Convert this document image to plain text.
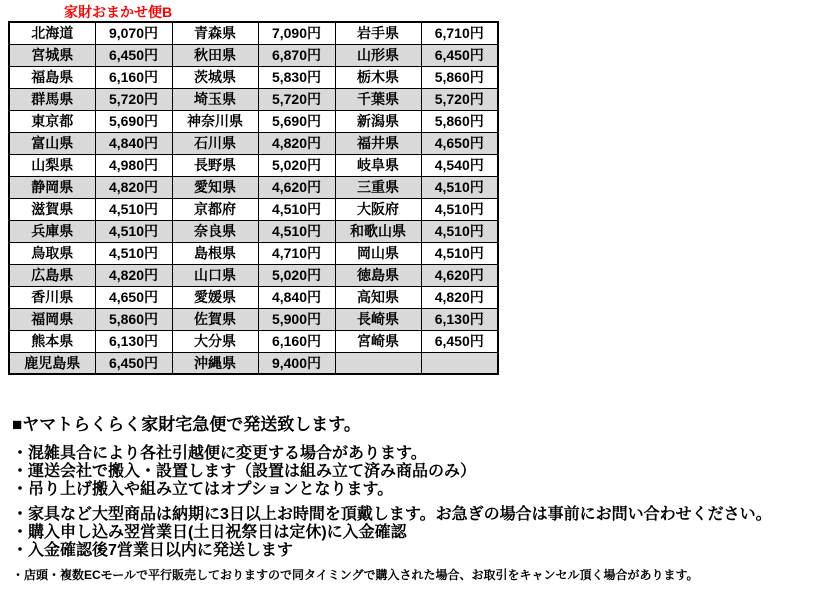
家財おまかせ便B
北海道	9,070円	青森県	7,090円	岩手県	6,710円
宮城県	6,450円	秋田県	6,870円	山形県	6,450円
福島県	6,160円	茨城県	5,830円	栃木県	5,860円
群馬県	5,720円	埼玉県	5,720円	千葉県	5,720円
東京都	5,690円	神奈川県	5,690円	新潟県	5,860円
富山県	4,840円	石川県	4,820円	福井県	4,650円
山梨県	4,980円	長野県	5,020円	岐阜県	4,540円
静岡県	4,820円	愛知県	4,620円	三重県	4,510円
滋賀県	4,510円	京都府	4,510円	大阪府	4,510円
兵庫県	4,510円	奈良県	4,510円	和歌山県	4,510円
鳥取県	4,510円	島根県	4,710円	岡山県	4,510円
広島県	4,820円	山口県	5,020円	徳島県	4,620円
香川県	4,650円	愛媛県	4,840円	高知県	4,820円
福岡県	5,860円	佐賀県	5,900円	長崎県	6,130円
熊本県	6,130円	大分県	6,160円	宮崎県	6,450円
鹿児島県	6,450円	沖縄県	9,400円		
■ヤマトらくらく家財宅急便で発送致します。
・混雑具合により各社引越便に変更する場合があります。
・運送会社で搬入・設置します（設置は組み立て済み商品のみ）
・吊り上げ搬入や組み立てはオプションとなります。
・家具など大型商品は納期に3日以上お時間を頂戴します。お急ぎの場合は事前にお問い合わせください。
・購入申し込み翌営業日(土日祝祭日は定休)に入金確認
・入金確認後7営業日以内に発送します
・店頭・複数ECモールで平行販売しておりますので同タイミングで購入された場合、お取引をキャンセル頂く場合があります。
